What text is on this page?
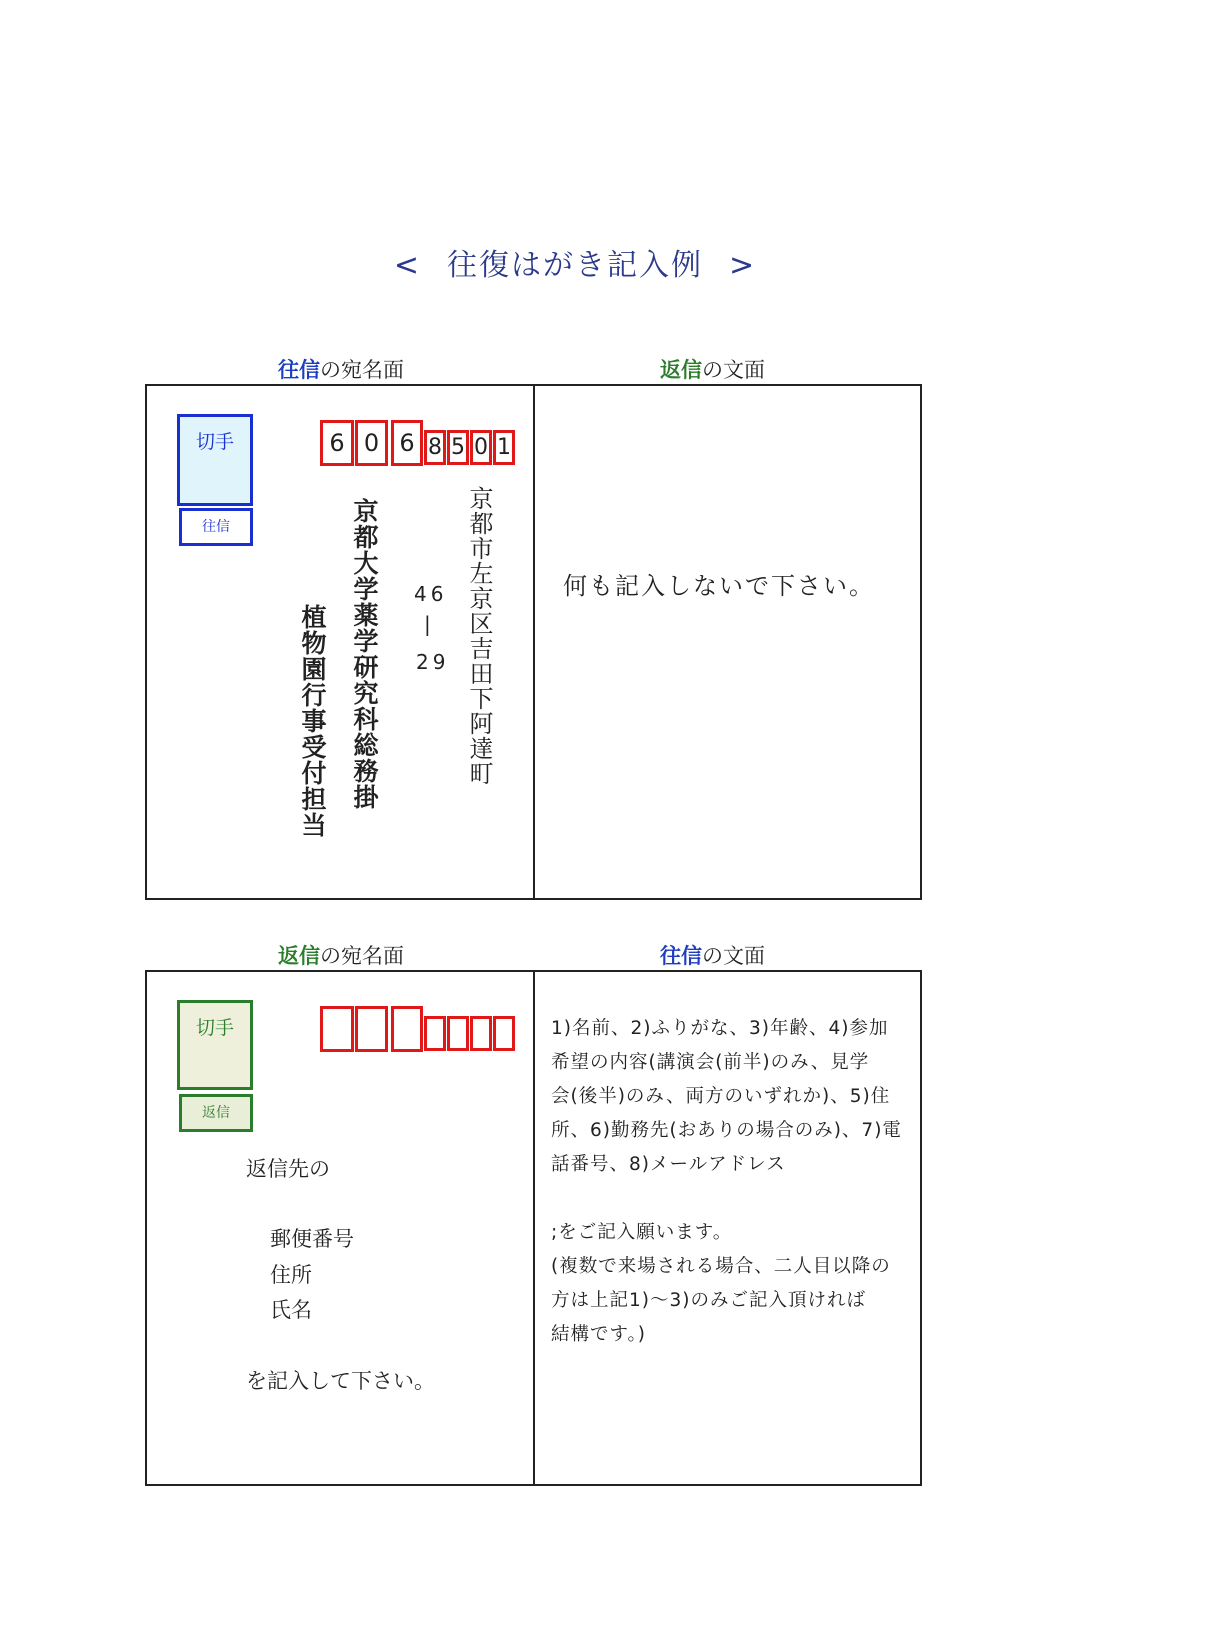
< 往復はがき記入例 >
往信の宛名面	返信の文面
切手
往信
6 0 6 8 5 0 1
京都市左京区吉田下阿達町
46
|
29
京都大学薬学研究科総務掛
植物園行事受付担当
何も記入しないで下さい。
返信の宛名面	往信の文面
切手
返信
返信先の
郵便番号
住所
氏名
を記入して下さい。
1)名前、2)ふりがな、3)年齢、4)参加
希望の内容(講演会(前半)のみ、見学
会(後半)のみ、両方のいずれか)、5)住
所、6)勤務先(おありの場合のみ)、7)電
話番号、8)メールアドレス
;をご記入願います。
(複数で来場される場合、二人目以降の
方は上記1)～3)のみご記入頂ければ
結構です。)
